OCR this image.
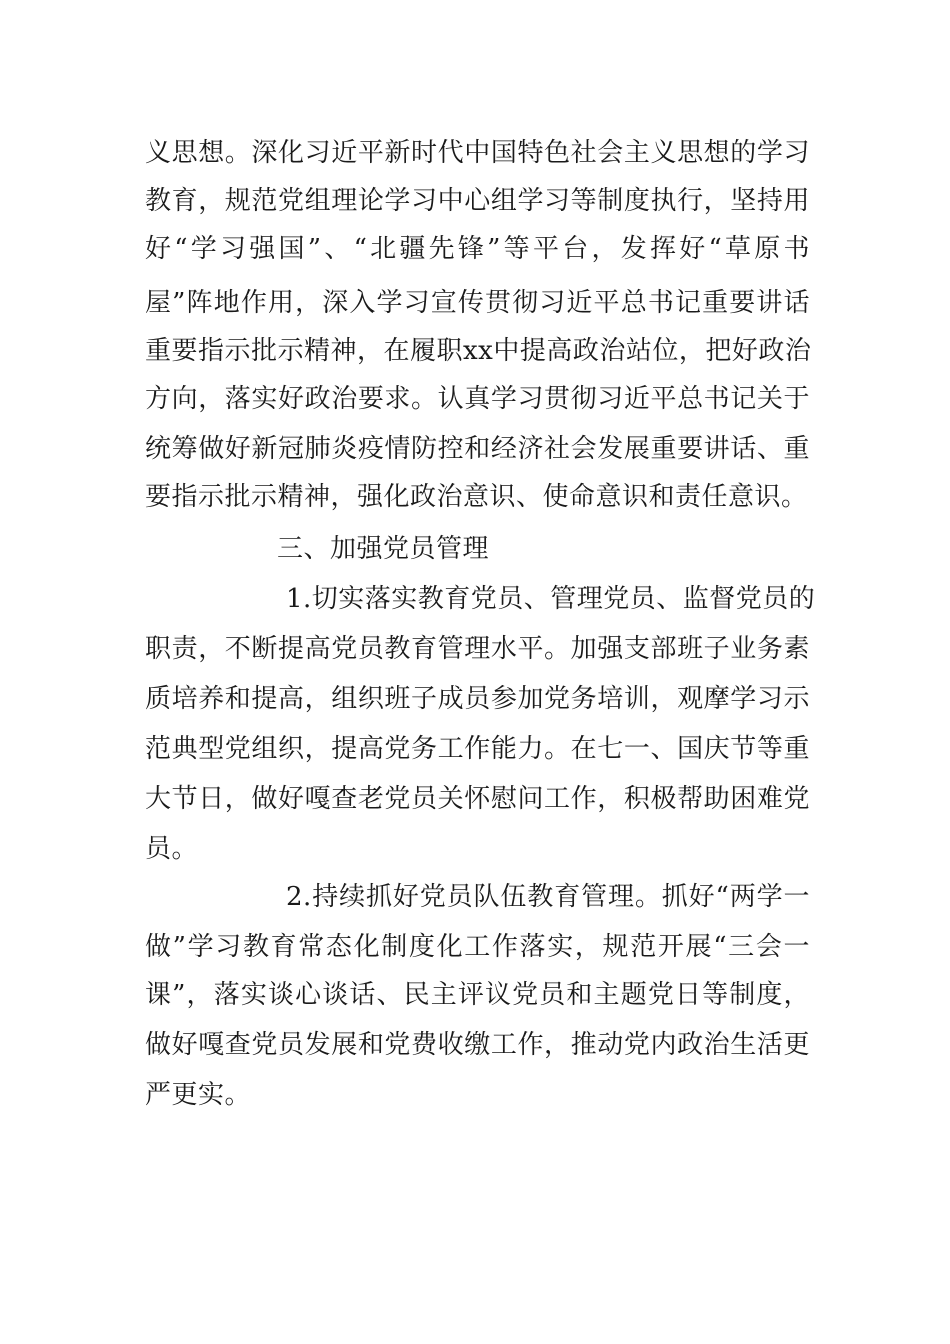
义思想。深化习近平新时代中国特色社会主义思想的学习

教育，规范党组理论学习中心组学习等制度执行，坚持用

好“学习强国”、“北疆先锋”等平台，发挥好“草原书

屋”阵地作用，深入学习宣传贯彻习近平总书记重要讲话

重要指示批示精神，在履职xx中提高政治站位，把好政治

方向，落实好政治要求。认真学习贯彻习近平总书记关于

统筹做好新冠肺炎疫情防控和经济社会发展重要讲话、重

要指示批示精神，强化政治意识、使命意识和责任意识。

三、加强党员管理

1.切实落实教育党员、管理党员、监督党员的

职责，不断提高党员教育管理水平。加强支部班子业务素

质培养和提高，组织班子成员参加党务培训，观摩学习示

范典型党组织，提高党务工作能力。在七一、国庆节等重

大节日，做好嘎查老党员关怀慰问工作，积极帮助困难党

员。

2.持续抓好党员队伍教育管理。抓好“两学一

做”学习教育常态化制度化工作落实，规范开展“三会一

课”，落实谈心谈话、民主评议党员和主题党日等制度，

做好嘎查党员发展和党费收缴工作，推动党内政治生活更

严更实。
